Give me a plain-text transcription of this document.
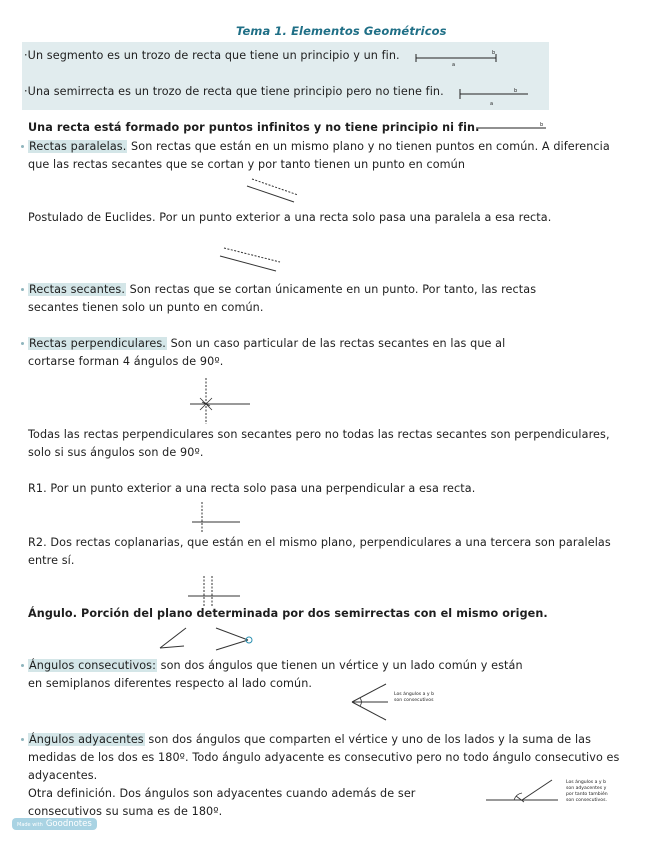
Tema 1. Elementos Geométricos
·Un segmento es un trozo de recta que tiene un principio y un fin.
a
b
·Una semirrecta es un trozo de recta que tiene principio pero no tiene fin.
a
b
Una recta está formado por puntos infinitos y no tiene principio ni fin.	b
Rectas paralelas. Son rectas que están en un mismo plano y no tienen puntos en común. A diferencia
que las rectas secantes que se cortan y por tanto tienen un punto en común
Postulado de Euclides. Por un punto exterior a una recta solo pasa una paralela a esa recta.
Rectas secantes. Son rectas que se cortan únicamente en un punto. Por tanto, las rectas
secantes tienen solo un punto en común.
Rectas perpendiculares. Son un caso particular de las rectas secantes en las que al
cortarse forman 4 ángulos de 90º.
Todas las rectas perpendiculares son secantes pero no todas las rectas secantes son perpendiculares,
solo si sus ángulos son de 90º.
R1. Por un punto exterior a una recta solo pasa una perpendicular a esa recta.
R2. Dos rectas coplanarias, que están en el mismo plano, perpendiculares a una tercera son paralelas
entre sí.
Ángulo. Porción del plano determinada por dos semirrectas con el mismo origen.
Ángulos consecutivos: son dos ángulos que tienen un vértice y un lado común y están
en semiplanos diferentes respecto al lado común.
Los ángulos a y b
son consecutivos
Ángulos adyacentes son dos ángulos que comparten el vértice y uno de los lados y la suma de las
medidas de los dos es 180º. Todo ángulo adyacente es consecutivo pero no todo ángulo consecutivo es
adyacentes.
Otra definición. Dos ángulos son adyacentes cuando además de ser
consecutivos su suma es de 180º.
Los ángulos a y b
son adyacentes y
por tanto también
son consecutivos.
Made with Goodnotes
